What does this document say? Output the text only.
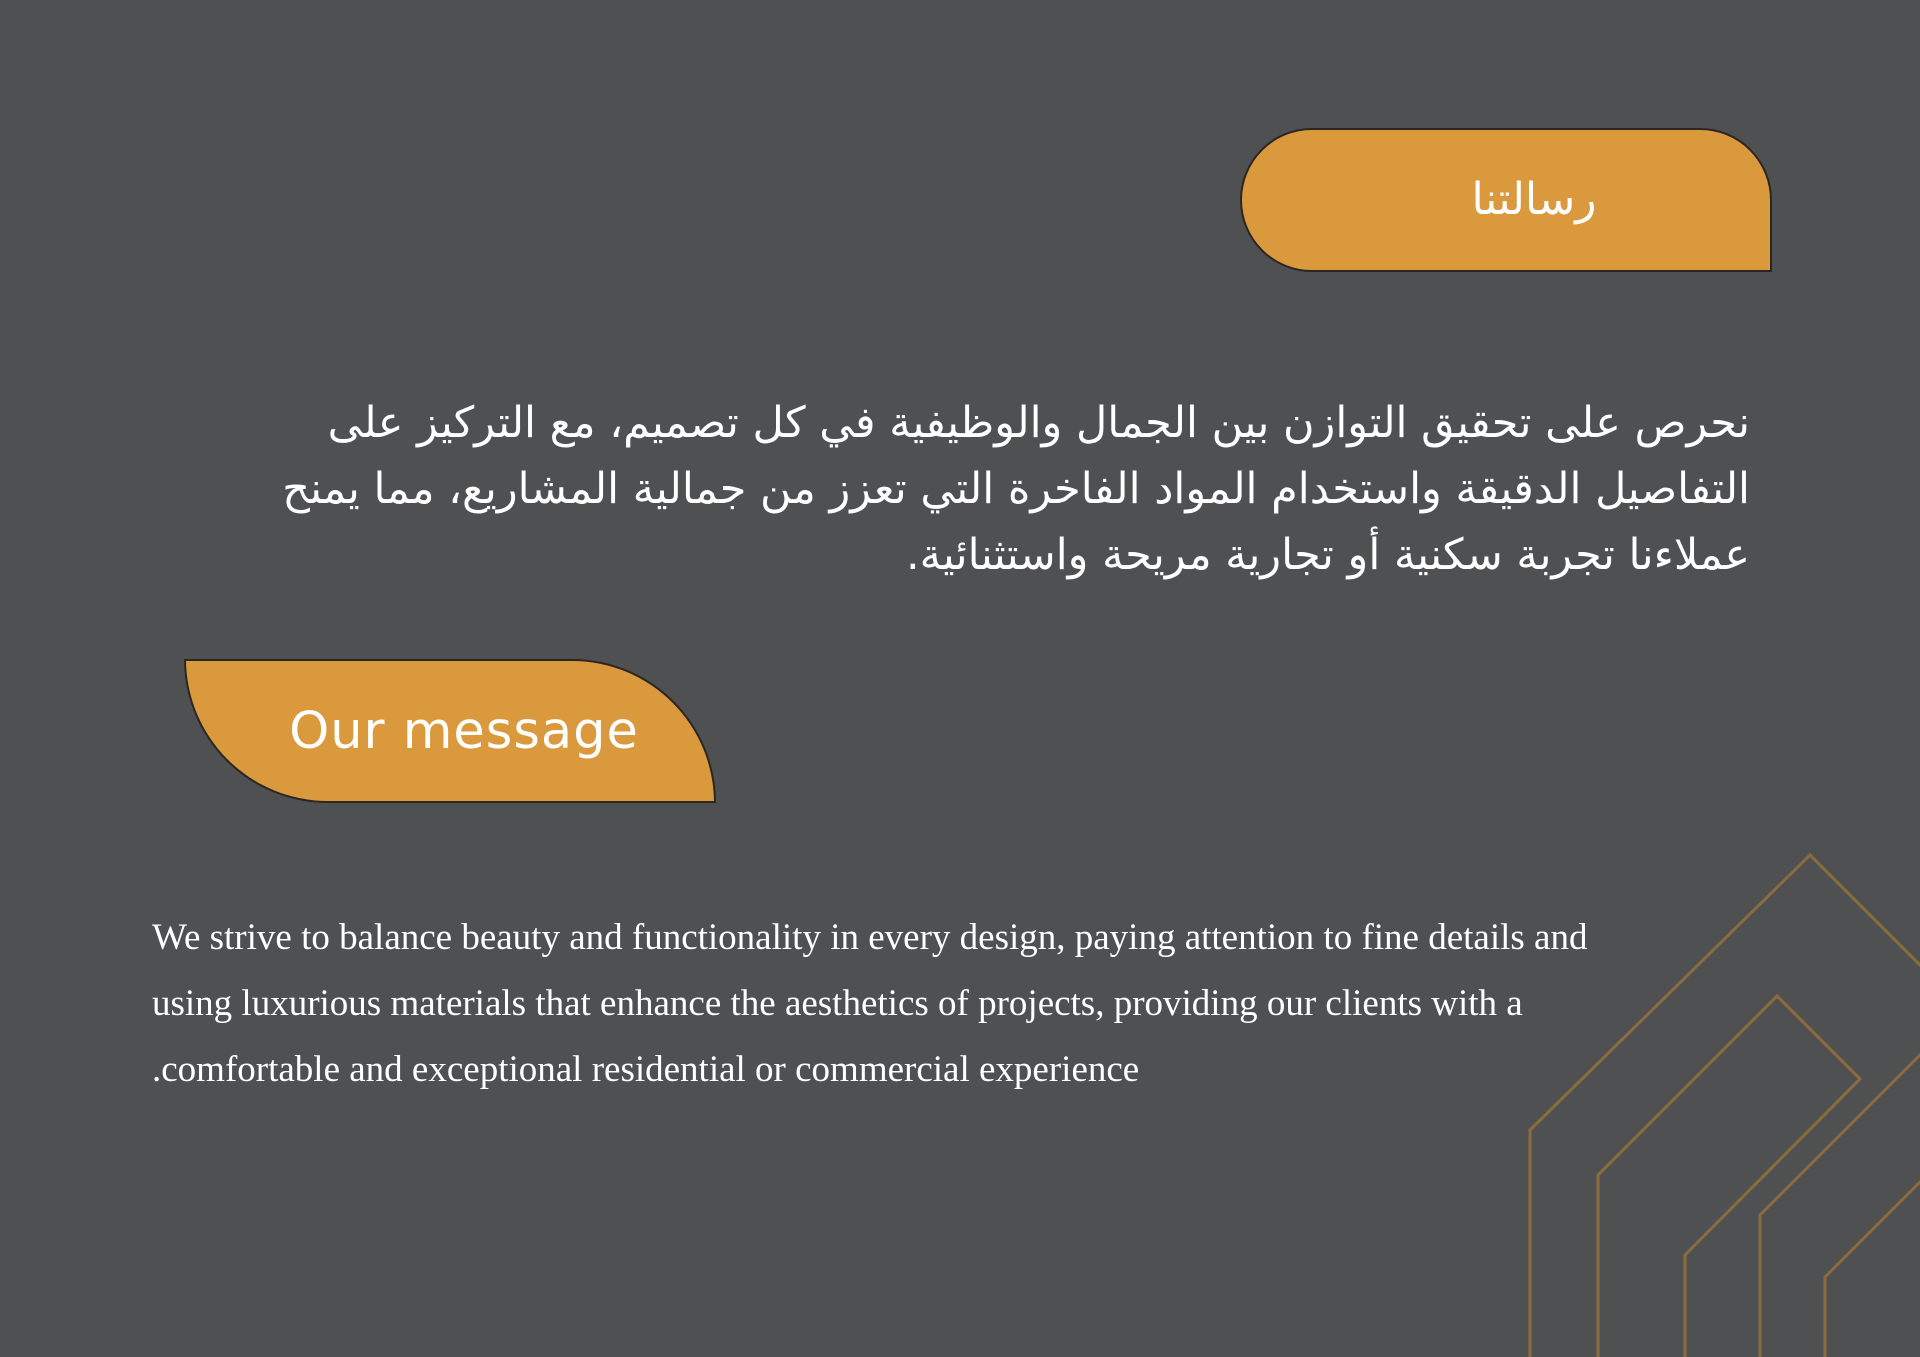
رسالتنا

نحرص على تحقيق التوازن بين الجمال والوظيفية في كل تصميم، مع التركيز على التفاصيل الدقيقة واستخدام المواد الفاخرة التي تعزز من جمالية المشاريع، مما يمنح عملاءنا تجربة سكنية أو تجارية مريحة واستثنائية.

Our message
We strive to balance beauty and functionality in every design, paying attention to fine details and
using luxurious materials that enhance the aesthetics of projects, providing our clients with a
.comfortable and exceptional residential or commercial experience
